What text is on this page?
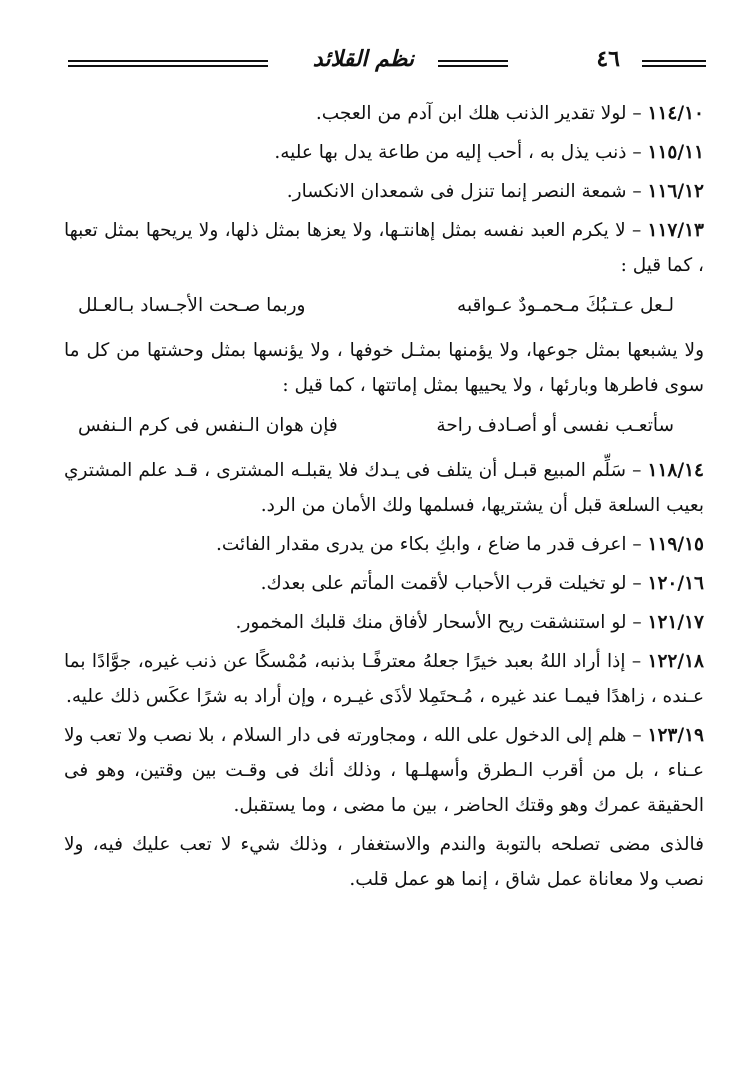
٤٦
نظم القلائد

١١٤/١٠ – لولا تقدير الذنب هلك ابن آدم من العجب.

١١٥/١١ – ذنب يذل به ، أحب إليه من طاعة يدل بها عليه.

١١٦/١٢ – شمعة النصر إنما تنزل فى شمعدان الانكسار.

١١٧/١٣ – لا يكرم العبد نفسه بمثل إهانتـها، ولا يعزها بمثل ذلها، ولا يريحها بمثل تعبها ، كما قيل :

لـعل عـتـبُكَ مـحمـودٌ عـواقبه
وربما صـحت الأجـساد بـالعـلل

ولا يشبعها بمثل جوعها، ولا يؤمنها بمثـل خوفها ، ولا يؤنسها بمثل وحشتها من كل ما سوى فاطرها وبارئها ، ولا يحييها بمثل إماتتها ، كما قيل :

سأتعـب نفسى أو أصـادف راحة
فإن هوان الـنفس فى كرم الـنفس

١١٨/١٤ – سَلِّم المبيع قبـل أن يتلف فى يـدك فلا يقبلـه المشترى ، قـد علم المشتري بعيب السلعة قبل أن يشتريها، فسلمها ولك الأمان من الرد.

١١٩/١٥ – اعرف قدر ما ضاع ، وابكِ بكاء من يدرى مقدار الفائت.

١٢٠/١٦ – لو تخيلت قرب الأحباب لأقمت المأتم على بعدك.

١٢١/١٧ – لو استنشقت ريح الأسحار لأفاق منك قلبك المخمور.

١٢٢/١٨ – إذا أراد اللهُ بعبد خيرًا جعلهُ معترفًـا بذنبه، مُمْسكًا عن ذنب غيره، جوَّادًا بما عـنده ، زاهدًا فيمـا عند غيره ، مُـحتَمِلا لأذَى غيـره ، وإن أراد به شرًا عكَس ذلك عليه.

١٢٣/١٩ – هلم إلى الدخول على الله ، ومجاورته فى دار السلام ، بلا نصب ولا تعب ولا عـناء ، بل من أقرب الـطرق وأسهلـها ، وذلك أنك فى وقـت بين وقتين، وهو فى الحقيقة عمرك وهو وقتك الحاضر ، بين ما مضى ، وما يستقبل.

فالذى مضى تصلحه بالتوبة والندم والاستغفار ، وذلك شيء لا تعب عليك فيه، ولا نصب ولا معاناة عمل شاق ، إنما هو عمل قلب.
